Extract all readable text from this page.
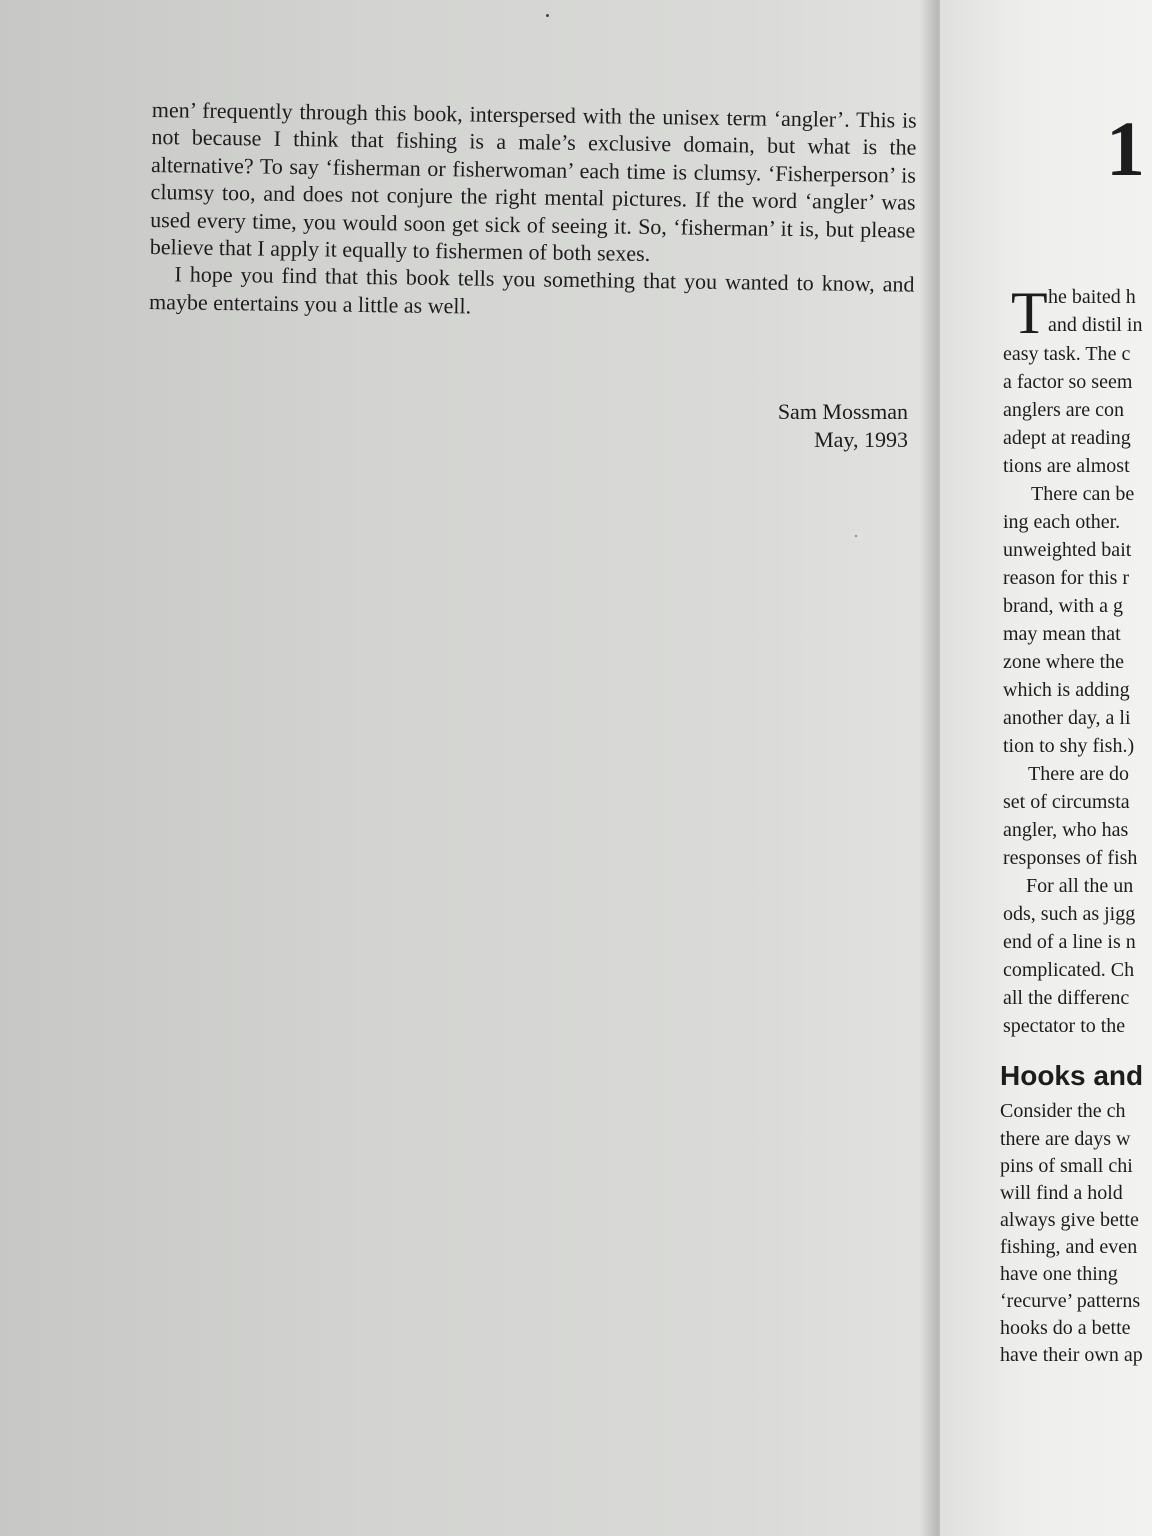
men’ frequently through this book, interspersed with the unisex term ‘angler’. This is not because I think that fishing is a male’s exclusive domain, but what is the alternative? To say ‘fisherman or fisherwoman’ each time is clumsy. ‘Fisherperson’ is clumsy too, and does not conjure the right mental pictures. If the word ‘angler’ was used every time, you would soon get sick of seeing it. So, ‘fisherman’ it is, but please believe that I apply it equally to fishermen of both sexes.

I hope you find that this book tells you something that you wanted to know, and maybe entertains you a little as well.

Sam Mossman
May, 1993
1
T he baited h
and distil in
easy task. The c
a factor so seem
anglers are con
adept at reading
tions are almost
There can be
ing each other.
unweighted bait
reason for this r
brand, with a g
may mean that
zone where the
which is adding
another day, a li
tion to shy fish.)
There are do
set of circumsta
angler, who has
responses of fish
For all the un
ods, such as jigg
end of a line is n
complicated. Ch
all the differenc
spectator to the
Hooks and
Consider the ch
there are days w
pins of small chi
will find a hold
always give bette
fishing, and even
have one thing
‘recurve’ patterns
hooks do a bette
have their own ap
